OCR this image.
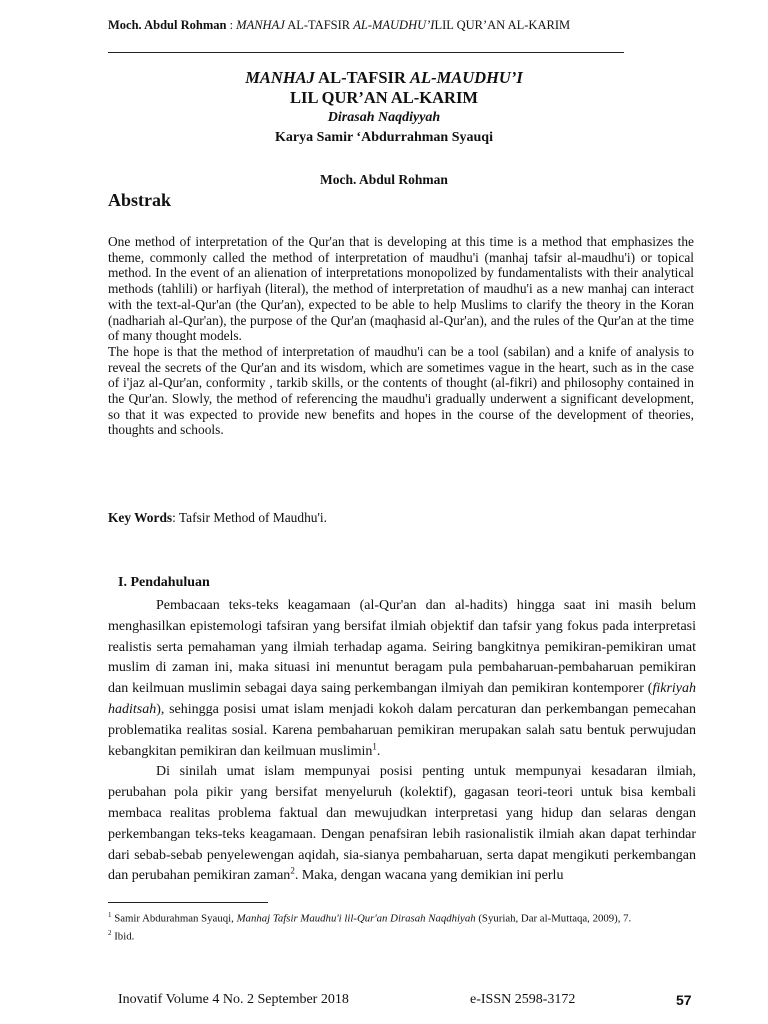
Moch. Abdul Rohman : MANHAJ AL-TAFSIR AL-MAUDHU’ILIL QUR’AN AL-KARIM
MANHAJ AL-TAFSIR AL-MAUDHU’I
LIL QUR’AN AL-KARIM
Dirasah Naqdiyyah
Karya Samir ‘Abdurrahman Syauqi
Moch. Abdul Rohman
Abstrak

One method of interpretation of the Qur'an that is developing at this time is a method that emphasizes the theme, commonly called the method of interpretation of maudhu'i (manhaj tafsir al-maudhu'i) or topical method. In the event of an alienation of interpretations monopolized by fundamentalists with their analytical methods (tahlili) or harfiyah (literal), the method of interpretation of maudhu'i as a new manhaj can interact with the text-al-Qur'an (the Qur'an), expected to be able to help Muslims to clarify the theory in the Koran (nadhariah al-Qur'an), the purpose of the Qur'an (maqhasid al-Qur'an), and the rules of the Qur'an at the time of many thought models.

The hope is that the method of interpretation of maudhu'i can be a tool (sabilan) and a knife of analysis to reveal the secrets of the Qur'an and its wisdom, which are sometimes vague in the heart, such as in the case of i'jaz al-Qur'an, conformity , tarkib skills, or the contents of thought (al-fikri) and philosophy contained in the Qur'an. Slowly, the method of referencing the maudhu'i gradually underwent a significant development, so that it was expected to provide new benefits and hopes in the course of the development of theories, thoughts and schools.

Key Words: Tafsir Method of Maudhu'i.
I. Pendahuluan

Pembacaan teks-teks keagamaan (al-Qur'an dan al-hadits) hingga saat ini masih belum menghasilkan epistemologi tafsiran yang bersifat ilmiah objektif dan tafsir yang fokus pada interpretasi realistis serta pemahaman yang ilmiah terhadap agama. Seiring bangkitnya pemikiran-pemikiran umat muslim di zaman ini, maka situasi ini menuntut beragam pula pembaharuan-pembaharuan pemikiran dan keilmuan muslimin sebagai daya saing perkembangan ilmiyah dan pemikiran kontemporer (fikriyah haditsah), sehingga posisi umat islam menjadi kokoh dalam percaturan dan perkembangan pemecahan problematika realitas sosial. Karena pembaharuan pemikiran merupakan salah satu bentuk perwujudan kebangkitan pemikiran dan keilmuan muslimin$^1$.

Di sinilah umat islam mempunyai posisi penting untuk mempunyai kesadaran ilmiah, perubahan pola pikir yang bersifat menyeluruh (kolektif), gagasan teori-teori untuk bisa kembali membaca realitas problema faktual dan mewujudkan interpretasi yang hidup dan selaras dengan perkembangan teks-teks keagamaan. Dengan penafsiran lebih rasionalistik ilmiah akan dapat terhindar dari sebab-sebab penyelewengan aqidah, sia-sianya pembaharuan, serta dapat mengikuti perkembangan dan perubahan pemikiran zaman$^2$. Maka, dengan wacana yang demikian ini perlu

$^1$ Samir Abdurahman Syauqi, Manhaj Tafsir Maudhu'i lil-Qur'an Dirasah Naqdhiyah (Syuriah, Dar al-Muttaqa, 2009), 7.

$^2$ Ibid.

Inovatif Volume 4 No. 2 September 2018	e-ISSN 2598-3172	57
